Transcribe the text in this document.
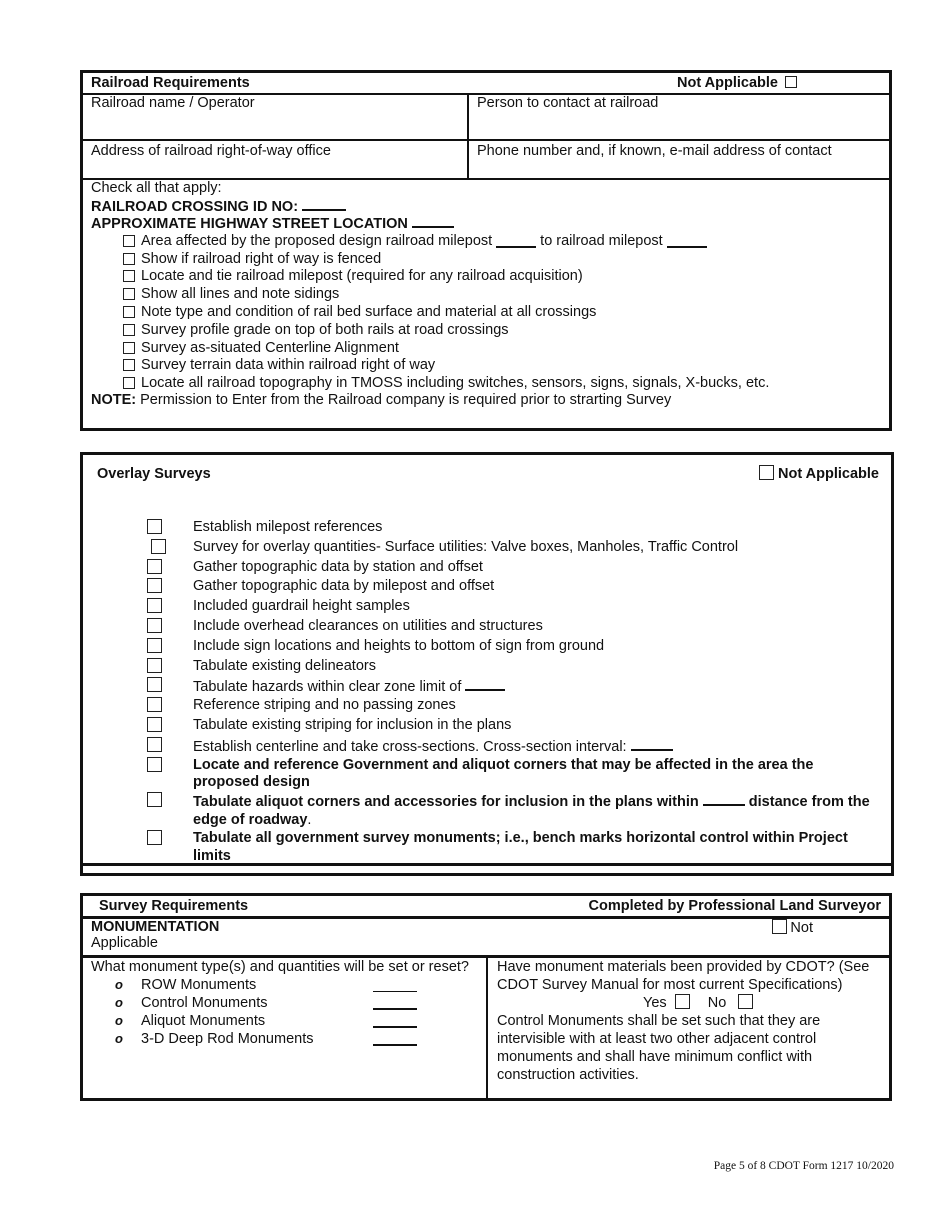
Railroad Requirements	Not Applicable
Railroad name / Operator	Person to contact at railroad
Address of railroad right-of-way office	Phone number and, if known, e-mail address of contact
Check all that apply:
RAILROAD CROSSING ID NO:
APPROXIMATE HIGHWAY STREET LOCATION
Area affected by the proposed design railroad milepost	to railroad milepost
Show if railroad right of way is fenced
Locate and tie railroad milepost (required for any railroad acquisition)
Show all lines and note sidings
Note type and condition of rail bed surface and material at all crossings
Survey profile grade on top of both rails at road crossings
Survey as-situated Centerline Alignment
Survey terrain data within railroad right of way
Locate all railroad topography in TMOSS including switches, sensors, signs, signals, X-bucks, etc.
NOTE: Permission to Enter from the Railroad company is required prior to strarting Survey
Overlay Surveys	Not Applicable
Establish milepost references
Survey for overlay quantities- Surface utilities: Valve boxes, Manholes, Traffic Control
Gather topographic data by station and offset
Gather topographic data by milepost and offset
Included guardrail height samples
Include overhead clearances on utilities and structures
Include sign locations and heights to bottom of sign from ground
Tabulate existing delineators
Tabulate hazards within clear zone limit of
Reference striping and no passing zones
Tabulate existing striping for inclusion in the plans
Establish centerline and take cross-sections. Cross-section interval:
Locate and reference Government and aliquot corners that may be affected in the area the proposed design
Tabulate aliquot corners and accessories for inclusion in the plans within	distance from the edge of roadway.
Tabulate all government survey monuments; i.e., bench marks horizontal control within Project limits
Survey Requirements	Completed by Professional Land Surveyor
MONUMENTATION
Applicable
Not
What monument type(s) and quantities will be set or reset?
o	ROW Monuments
o	Control Monuments
o	Aliquot Monuments
o	3-D Deep Rod Monuments
Have monument materials been provided by CDOT? (See CDOT Survey Manual for most current Specifications)
Yes	No
Control Monuments shall be set such that they are intervisible with at least two other adjacent control monuments and shall have minimum conflict with construction activities.
Page 5 of 8 CDOT Form 1217 10/2020
